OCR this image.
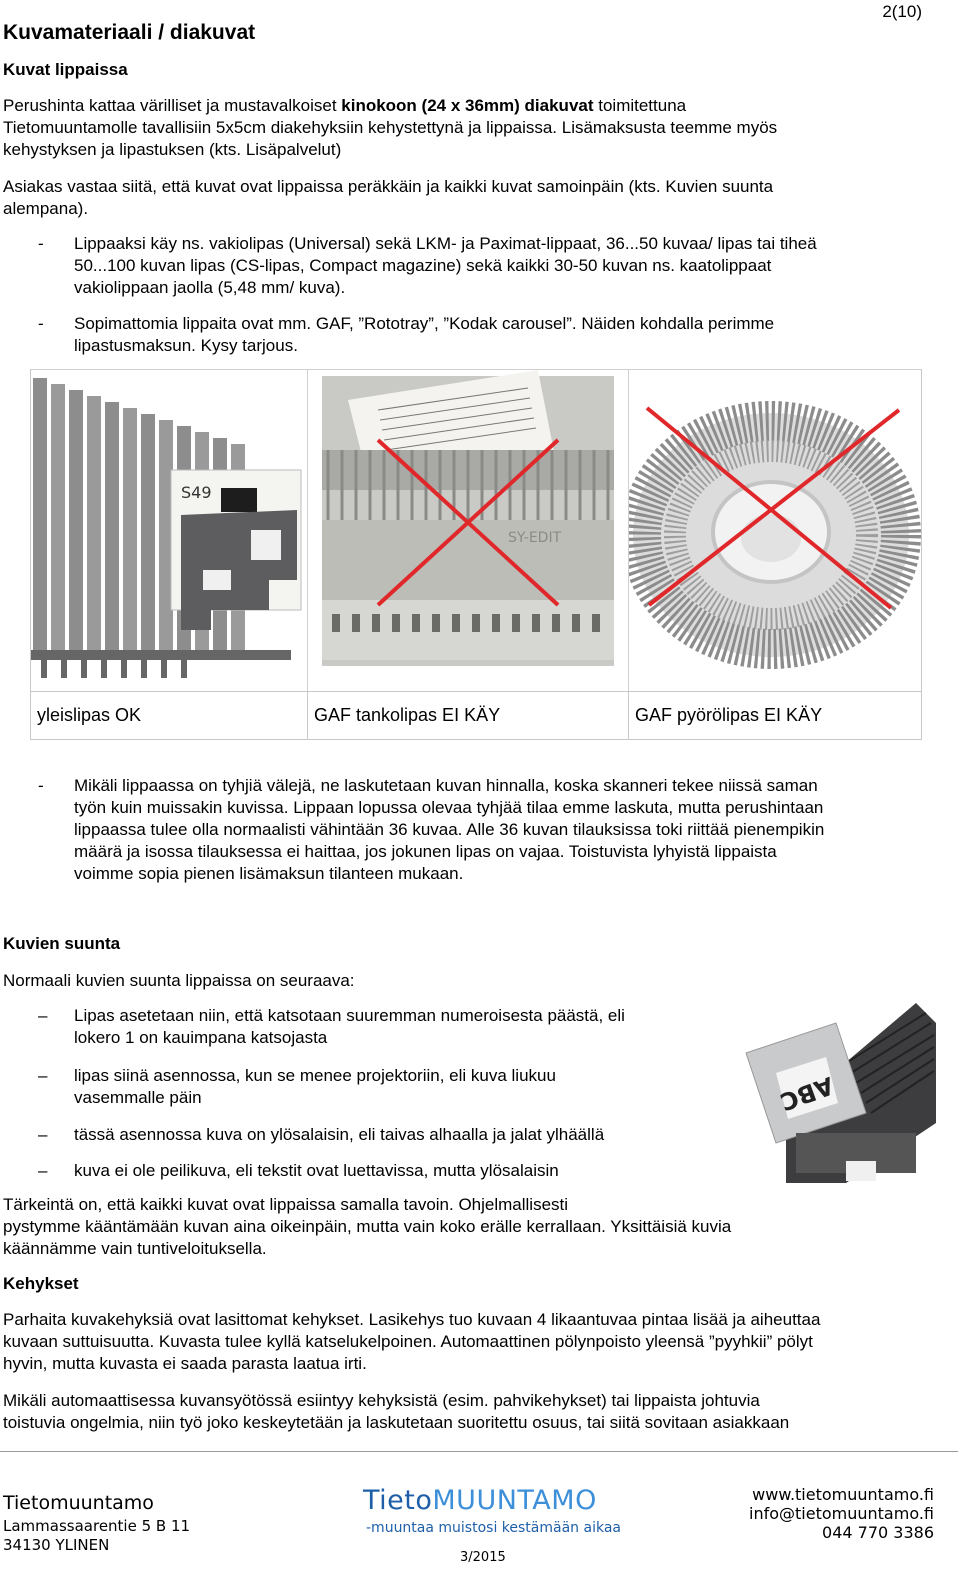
2(10)
Kuvamateriaali / diakuvat
Kuvat lippaissa
Perushinta kattaa värilliset ja mustavalkoiset kinokoon (24 x 36mm) diakuvat toimitettuna
Tietomuuntamolle tavallisiin 5x5cm diakehyksiin kehystettynä ja lippaissa. Lisämaksusta teemme myös
kehystyksen ja lipastuksen (kts. Lisäpalvelut)
Asiakas vastaa siitä, että kuvat ovat lippaissa peräkkäin ja kaikki kuvat samoinpäin (kts. Kuvien suunta
alempana).
- Lippaaksi käy ns. vakiolipas (Universal) sekä LKM- ja Paximat-lippaat, 36...50 kuvaa/ lipas tai tiheä
50...100 kuvan lipas (CS-lipas, Compact magazine) sekä kaikki 30-50 kuvan ns. kaatolippaat
vakiolippaan jaolla (5,48 mm/ kuva).
- Sopimattomia lippaita ovat mm. GAF, ”Rototray”, ”Kodak carousel”. Näiden kohdalla perimme
lipastusmaksun. Kysy tarjous.
S49
SY-EDIT
yleislipas OK	GAF tankolipas EI KÄY	GAF pyörölipas EI KÄY
- Mikäli lippaassa on tyhjiä välejä, ne laskutetaan kuvan hinnalla, koska skanneri tekee niissä saman
työn kuin muissakin kuvissa. Lippaan lopussa olevaa tyhjää tilaa emme laskuta, mutta perushintaan
lippaassa tulee olla normaalisti vähintään 36 kuvaa. Alle 36 kuvan tilauksissa toki riittää pienempikin
määrä ja isossa tilauksessa ei haittaa, jos jokunen lipas on vajaa. Toistuvista lyhyistä lippaista
voimme sopia pienen lisämaksun tilanteen mukaan.
Kuvien suunta
Normaali kuvien suunta lippaissa on seuraava:
– Lipas asetetaan niin, että katsotaan suuremman numeroisesta päästä, eli
lokero 1 on kauimpana katsojasta
– lipas siinä asennossa, kun se menee projektoriin, eli kuva liukuu
vasemmalle päin
– tässä asennossa kuva on ylösalaisin, eli taivas alhaalla ja jalat ylhäällä
– kuva ei ole peilikuva, eli tekstit ovat luettavissa, mutta ylösalaisin
ABC
Tärkeintä on, että kaikki kuvat ovat lippaissa samalla tavoin. Ohjelmallisesti
pystymme kääntämään kuvan aina oikeinpäin, mutta vain koko erälle kerrallaan. Yksittäisiä kuvia
käännämme vain tuntiveloituksella.
Kehykset
Parhaita kuvakehyksiä ovat lasittomat kehykset. Lasikehys tuo kuvaan 4 likaantuvaa pintaa lisää ja aiheuttaa
kuvaan suttuisuutta. Kuvasta tulee kyllä katselukelpoinen. Automaattinen pölynpoisto yleensä ”pyyhkii” pölyt
hyvin, mutta kuvasta ei saada parasta laatua irti.
Mikäli automaattisessa kuvansyötössä esiintyy kehyksistä (esim. pahvikehykset) tai lippaista johtuvia
toistuvia ongelmia, niin työ joko keskeytetään ja laskutetaan suoritettu osuus, tai siitä sovitaan asiakkaan
Tietomuuntamo
Lammassaarentie 5 B 11
34130 YLINEN
TietoMUUNTAMO
-muuntaa muistosi kestämään aikaa
3/2015
www.tietomuuntamo.fi
info@tietomuuntamo.fi
044 770 3386
